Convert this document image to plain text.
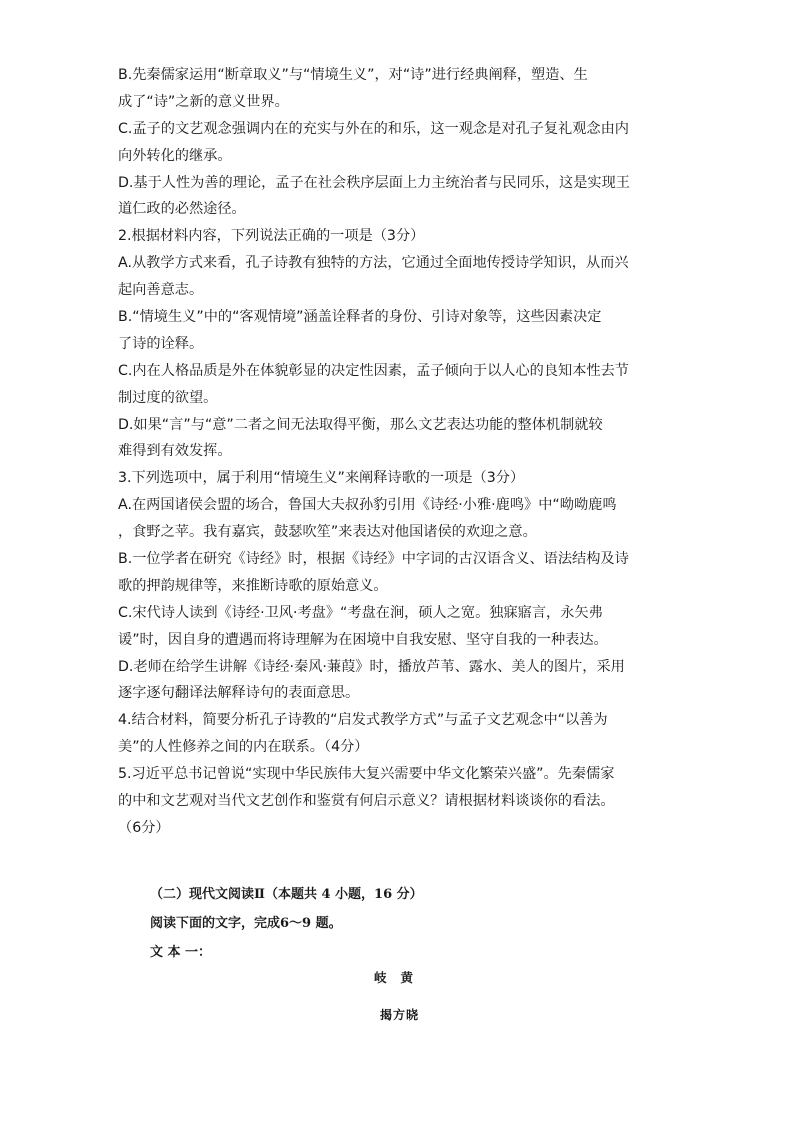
B.先秦儒家运用“断章取义”与“情境生义”，对“诗”进行经典阐释，塑造、生

成了“诗”之新的意义世界。

C.孟子的文艺观念强调内在的充实与外在的和乐，这一观念是对孔子复礼观念由内

向外转化的继承。

D.基于人性为善的理论，孟子在社会秩序层面上力主统治者与民同乐，这是实现王

道仁政的必然途径。

2.根据材料内容，下列说法正确的一项是（3分）

A.从教学方式来看，孔子诗教有独特的方法，它通过全面地传授诗学知识，从而兴

起向善意志。

B.“情境生义”中的“客观情境”涵盖诠释者的身份、引诗对象等，这些因素决定

了诗的诠释。

C.内在人格品质是外在体貌彰显的决定性因素，孟子倾向于以人心的良知本性去节

制过度的欲望。

D.如果“言”与“意”二者之间无法取得平衡，那么文艺表达功能的整体机制就较

难得到有效发挥。

3.下列选项中，属于利用“情境生义”来阐释诗歌的一项是（3分）

A.在两国诸侯会盟的场合，鲁国大夫叔孙豹引用《诗经·小雅·鹿鸣》中“呦呦鹿鸣

，食野之苹。我有嘉宾，鼓瑟吹笙”来表达对他国诸侯的欢迎之意。

B.一位学者在研究《诗经》时，根据《诗经》中字词的古汉语含义、语法结构及诗

歌的押韵规律等，来推断诗歌的原始意义。

C.宋代诗人读到《诗经·卫风·考盘》“考盘在涧，硕人之宽。独寐寤言，永矢弗

谖”时，因自身的遭遇而将诗理解为在困境中自我安慰、坚守自我的一种表达。

D.老师在给学生讲解《诗经·秦风·蒹葭》时，播放芦苇、露水、美人的图片，采用

逐字逐句翻译法解释诗句的表面意思。

4.结合材料，简要分析孔子诗教的“启发式教学方式”与孟子文艺观念中“以善为

美”的人性修养之间的内在联系。（4分）

5.习近平总书记曾说“实现中华民族伟大复兴需要中华文化繁荣兴盛”。先秦儒家

的中和文艺观对当代文艺创作和鉴赏有何启示意义？请根据材料谈谈你的看法。

（6分）

（二）现代文阅读Ⅱ（本题共 4 小题，16 分）

阅读下面的文字，完成6～9 题。

文 本 一：

岐黄
揭方晓
